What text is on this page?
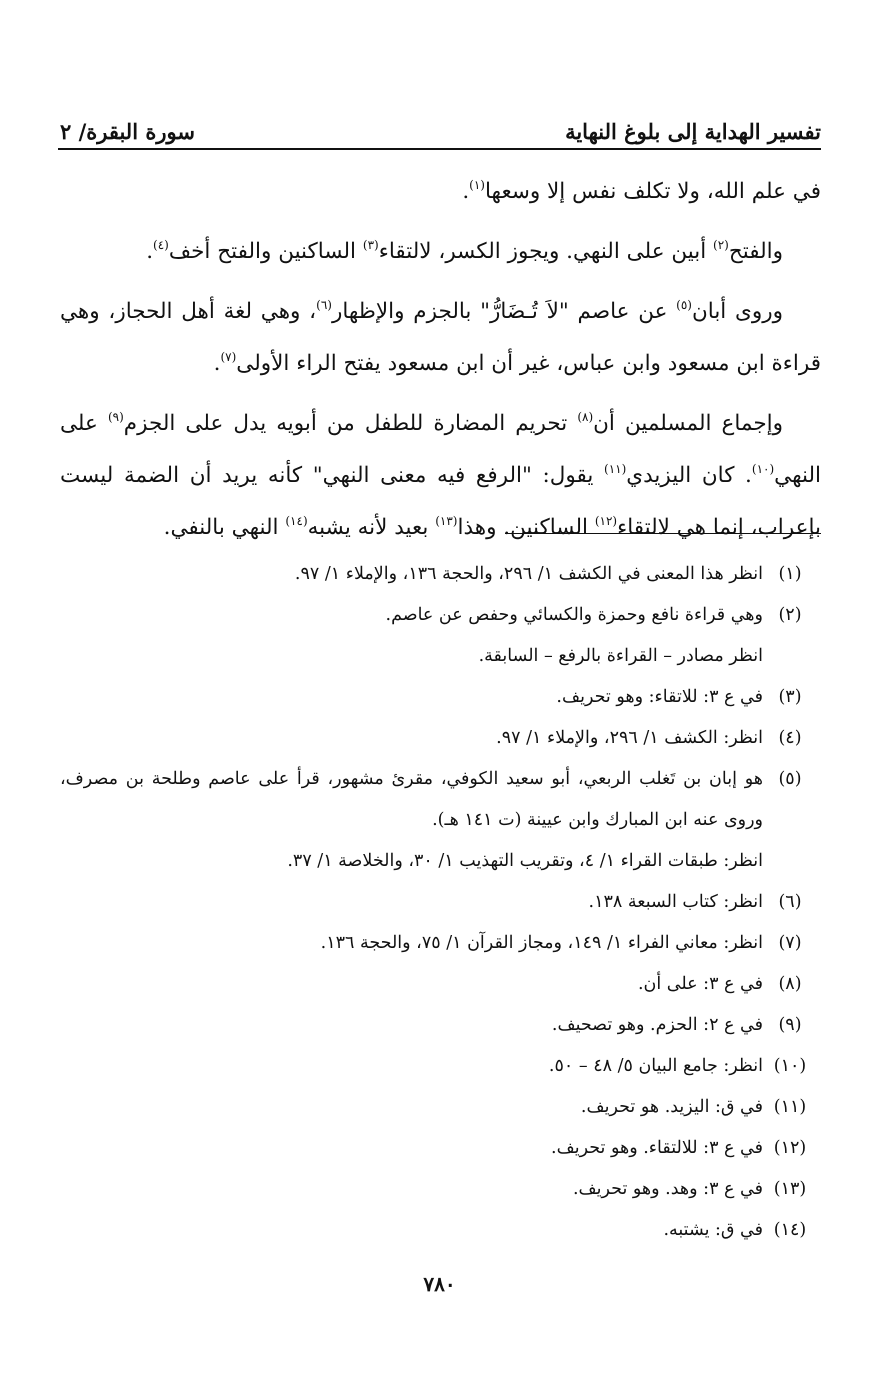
تفسير الهداية إلى بلوغ النهاية
سورة البقرة/ ٢

في علم الله، ولا تكلف نفس إلا وسعها$^{(١)}$.

والفتح$^{(٢)}$ أبين على النهي. ويجوز الكسر، لالتقاء$^{(٣)}$ الساكنين والفتح أخف$^{(٤)}$.

وروى أبان$^{(٥)}$ عن عاصم "لاَ تُـضَارُّ" بالجزم والإظهار$^{(٦)}$، وهي لغة أهل الحجاز، وهي قراءة ابن مسعود وابن عباس، غير أن ابن مسعود يفتح الراء الأولى$^{(٧)}$.

وإجماع المسلمين أن$^{(٨)}$ تحريم المضارة للطفل من أبويه يدل على الجزم$^{(٩)}$ على النهي$^{(١٠)}$. كان اليزيدي$^{(١١)}$ يقول: "الرفع فيه معنى النهي" كأنه يريد أن الضمة ليست بإعراب، إنما هي لالتقاء$^{(١٢)}$ الساكنين. وهذا$^{(١٣)}$ بعيد لأنه يشبه$^{(١٤)}$ النهي بالنفي.

(١)
انظر هذا المعنى في الكشف ١/ ٢٩٦، والحجة ١٣٦، والإملاء ١/ ٩٧.
(٢)
وهي قراءة نافع وحمزة والكسائي وحفص عن عاصم.
انظر مصادر – القراءة بالرفع – السابقة.
(٣)
في ع ٣: للاتقاء: وهو تحريف.
(٤)
انظر: الكشف ١/ ٢٩٦، والإملاء ١/ ٩٧.
(٥)
هو إبان بن تَغلب الربعي، أبو سعيد الكوفي، مقرئ مشهور، قرأ على عاصم وطلحة بن مصرف، وروى عنه ابن المبارك وابن عيينة (ت ١٤١ هـ).
انظر: طبقات القراء ١/ ٤، وتقريب التهذيب ١/ ٣٠، والخلاصة ١/ ٣٧.
(٦)
انظر: كتاب السبعة ١٣٨.
(٧)
انظر: معاني الفراء ١/ ١٤٩، ومجاز القرآن ١/ ٧٥، والحجة ١٣٦.
(٨)
في ع ٣: على أن.
(٩)
في ع ٢: الحزم. وهو تصحيف.
(١٠)
انظر: جامع البيان ٥/ ٤٨ – ٥٠.
(١١)
في ق: اليزيد. هو تحريف.
(١٢)
في ع ٣: للالتقاء. وهو تحريف.
(١٣)
في ع ٣: وهد. وهو تحريف.
(١٤)
في ق: يشتبه.
٧٨٠
